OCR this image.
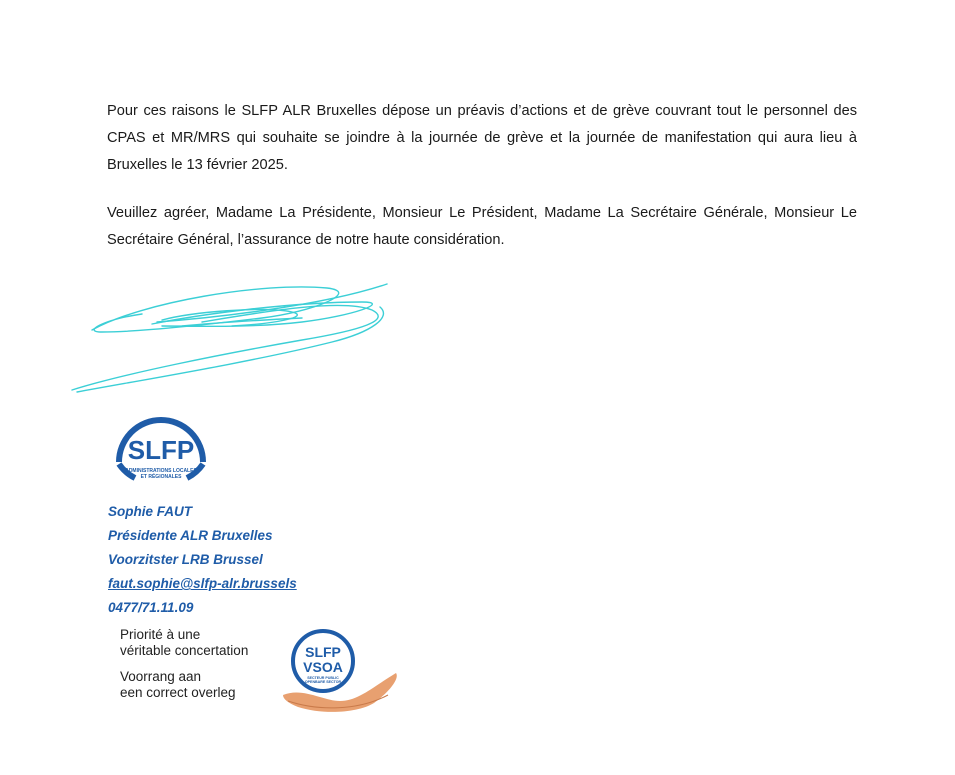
Pour ces raisons le SLFP ALR Bruxelles dépose un préavis d’actions et de grève couvrant tout le personnel des CPAS et MR/MRS qui souhaite se joindre à la journée de grève et la journée de manifestation qui aura lieu à Bruxelles le 13 février 2025.

Veuillez agréer, Madame La Présidente, Monsieur Le Président, Madame La Secrétaire Générale, Monsieur Le Secrétaire Général, l’assurance de notre haute considération.

SLFP
ADMINISTRATIONS LOCALES
ET RÉGIONALES
Sophie FAUT
Présidente ALR Bruxelles
Voorzitster LRB Brussel
faut.sophie@slfp-alr.brussels
0477/71.11.09
Priorité à une
véritable concertation
Voorrang aan
een correct overleg
SLFP
VSOA
SECTEUR PUBLIC
OPENBARE SECTOR
